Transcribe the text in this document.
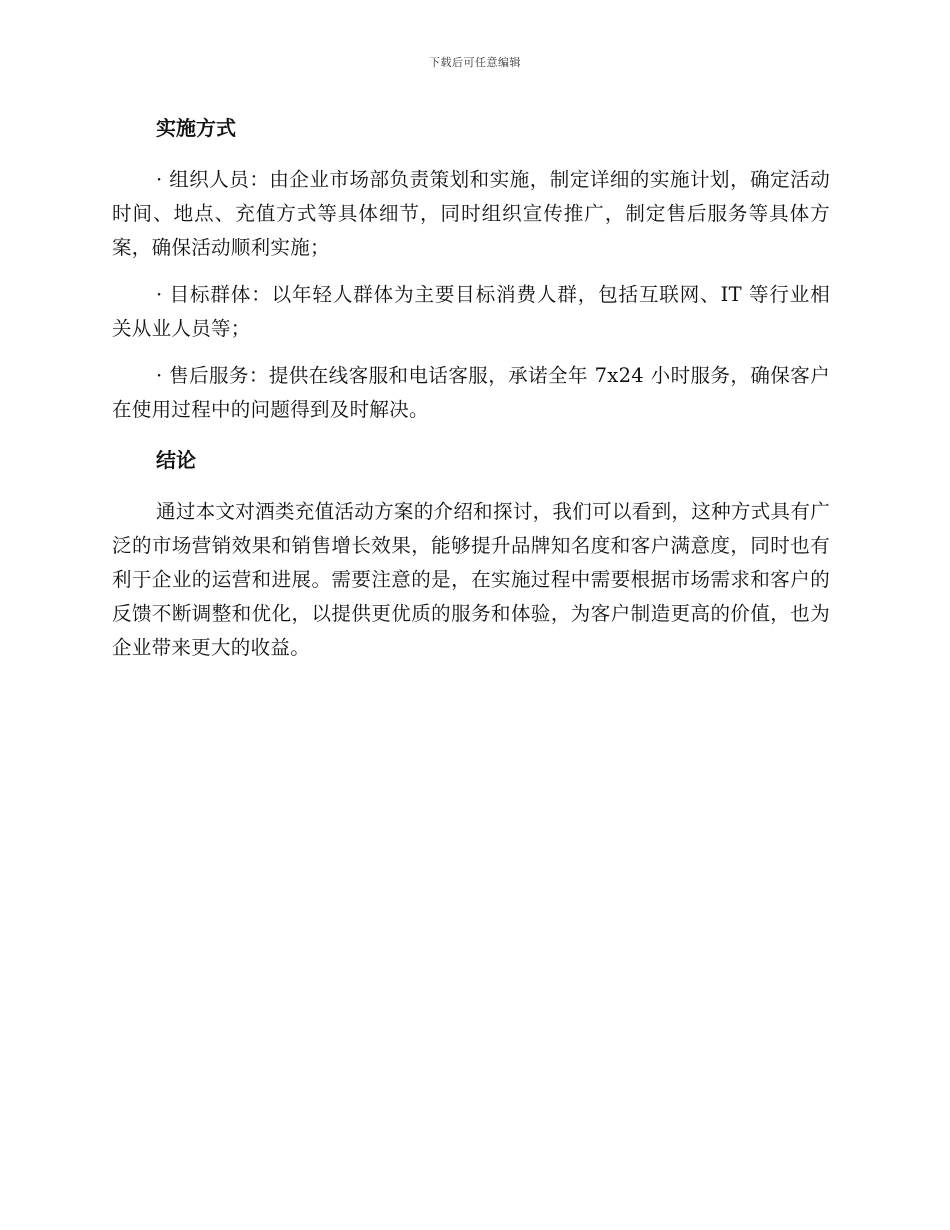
下载后可任意编辑
实施方式

· 组织人员：由企业市场部负责策划和实施，制定详细的实施计划，确定活动时间、地点、充值方式等具体细节，同时组织宣传推广，制定售后服务等具体方案，确保活动顺利实施；

· 目标群体：以年轻人群体为主要目标消费人群，包括互联网、IT 等行业相关从业人员等；

· 售后服务：提供在线客服和电话客服，承诺全年 7x24 小时服务，确保客户在使用过程中的问题得到及时解决。

结论

通过本文对酒类充值活动方案的介绍和探讨，我们可以看到，这种方式具有广泛的市场营销效果和销售增长效果，能够提升品牌知名度和客户满意度，同时也有利于企业的运营和进展。需要注意的是，在实施过程中需要根据市场需求和客户的反馈不断调整和优化，以提供更优质的服务和体验，为客户制造更高的价值，也为企业带来更大的收益。
